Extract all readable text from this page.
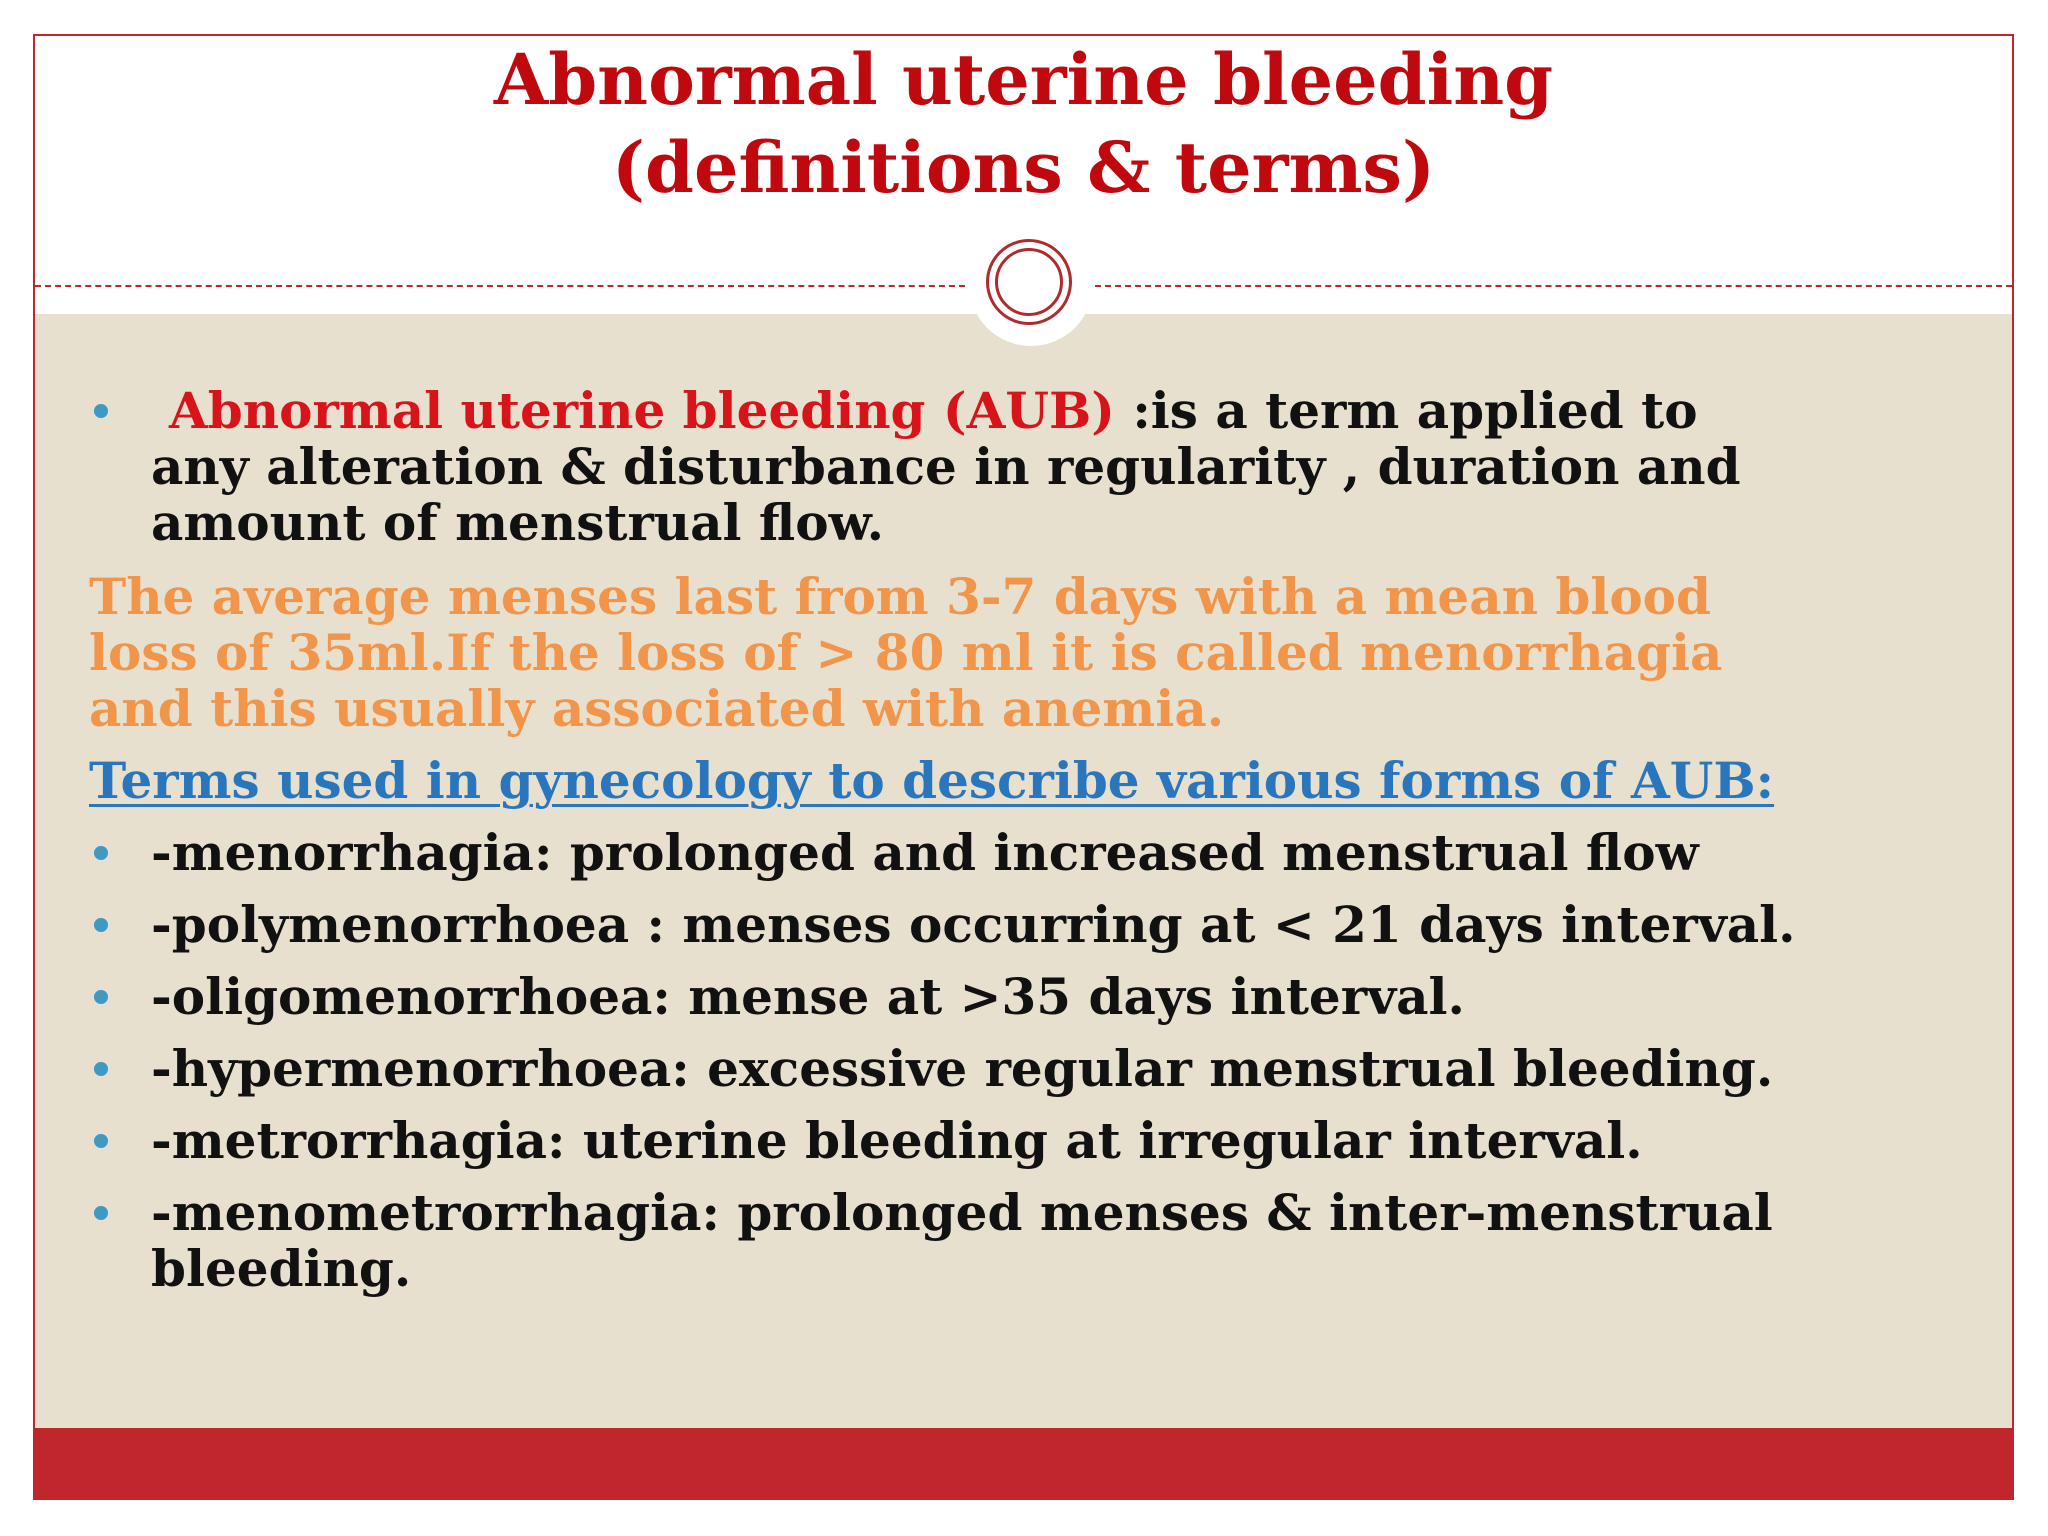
Abnormal uterine bleeding
(definitions & terms)
Abnormal uterine bleeding (AUB) :is a term applied to
any alteration & disturbance in regularity , duration and
amount of menstrual flow.
The average menses last from 3-7 days with a mean blood
loss of 35ml.If the loss of > 80 ml it is called menorrhagia
and this usually associated with anemia.
Terms used in gynecology to describe various forms of AUB:
-menorrhagia: prolonged and increased menstrual flow
-polymenorrhoea : menses occurring at < 21 days interval.
-oligomenorrhoea: mense at >35 days interval.
-hypermenorrhoea: excessive regular menstrual bleeding.
-metrorrhagia: uterine bleeding at irregular interval.
-menometrorrhagia: prolonged menses & inter-menstrual
bleeding.
